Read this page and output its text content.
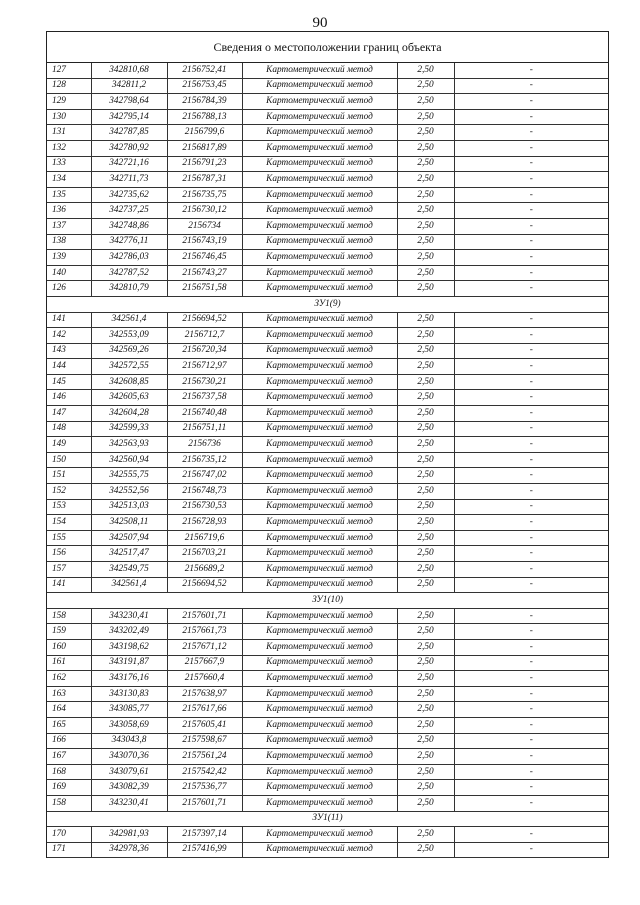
90
Сведения о местоположении границ объекта
127	342810,68	2156752,41	Картометрический метод	2,50	-
128	342811,2	2156753,45	Картометрический метод	2,50	-
129	342798,64	2156784,39	Картометрический метод	2,50	-
130	342795,14	2156788,13	Картометрический метод	2,50	-
131	342787,85	2156799,6	Картометрический метод	2,50	-
132	342780,92	2156817,89	Картометрический метод	2,50	-
133	342721,16	2156791,23	Картометрический метод	2,50	-
134	342711,73	2156787,31	Картометрический метод	2,50	-
135	342735,62	2156735,75	Картометрический метод	2,50	-
136	342737,25	2156730,12	Картометрический метод	2,50	-
137	342748,86	2156734	Картометрический метод	2,50	-
138	342776,11	2156743,19	Картометрический метод	2,50	-
139	342786,03	2156746,45	Картометрический метод	2,50	-
140	342787,52	2156743,27	Картометрический метод	2,50	-
126	342810,79	2156751,58	Картометрический метод	2,50	-
ЗУ1(9)					
141	342561,4	2156694,52	Картометрический метод	2,50	-
142	342553,09	2156712,7	Картометрический метод	2,50	-
143	342569,26	2156720,34	Картометрический метод	2,50	-
144	342572,55	2156712,97	Картометрический метод	2,50	-
145	342608,85	2156730,21	Картометрический метод	2,50	-
146	342605,63	2156737,58	Картометрический метод	2,50	-
147	342604,28	2156740,48	Картометрический метод	2,50	-
148	342599,33	2156751,11	Картометрический метод	2,50	-
149	342563,93	2156736	Картометрический метод	2,50	-
150	342560,94	2156735,12	Картометрический метод	2,50	-
151	342555,75	2156747,02	Картометрический метод	2,50	-
152	342552,56	2156748,73	Картометрический метод	2,50	-
153	342513,03	2156730,53	Картометрический метод	2,50	-
154	342508,11	2156728,93	Картометрический метод	2,50	-
155	342507,94	2156719,6	Картометрический метод	2,50	-
156	342517,47	2156703,21	Картометрический метод	2,50	-
157	342549,75	2156689,2	Картометрический метод	2,50	-
141	342561,4	2156694,52	Картометрический метод	2,50	-
ЗУ1(10)					
158	343230,41	2157601,71	Картометрический метод	2,50	-
159	343202,49	2157661,73	Картометрический метод	2,50	-
160	343198,62	2157671,12	Картометрический метод	2,50	-
161	343191,87	2157667,9	Картометрический метод	2,50	-
162	343176,16	2157660,4	Картометрический метод	2,50	-
163	343130,83	2157638,97	Картометрический метод	2,50	-
164	343085,77	2157617,66	Картометрический метод	2,50	-
165	343058,69	2157605,41	Картометрический метод	2,50	-
166	343043,8	2157598,67	Картометрический метод	2,50	-
167	343070,36	2157561,24	Картометрический метод	2,50	-
168	343079,61	2157542,42	Картометрический метод	2,50	-
169	343082,39	2157536,77	Картометрический метод	2,50	-
158	343230,41	2157601,71	Картометрический метод	2,50	-
ЗУ1(11)					
170	342981,93	2157397,14	Картометрический метод	2,50	-
171	342978,36	2157416,99	Картометрический метод	2,50	-
